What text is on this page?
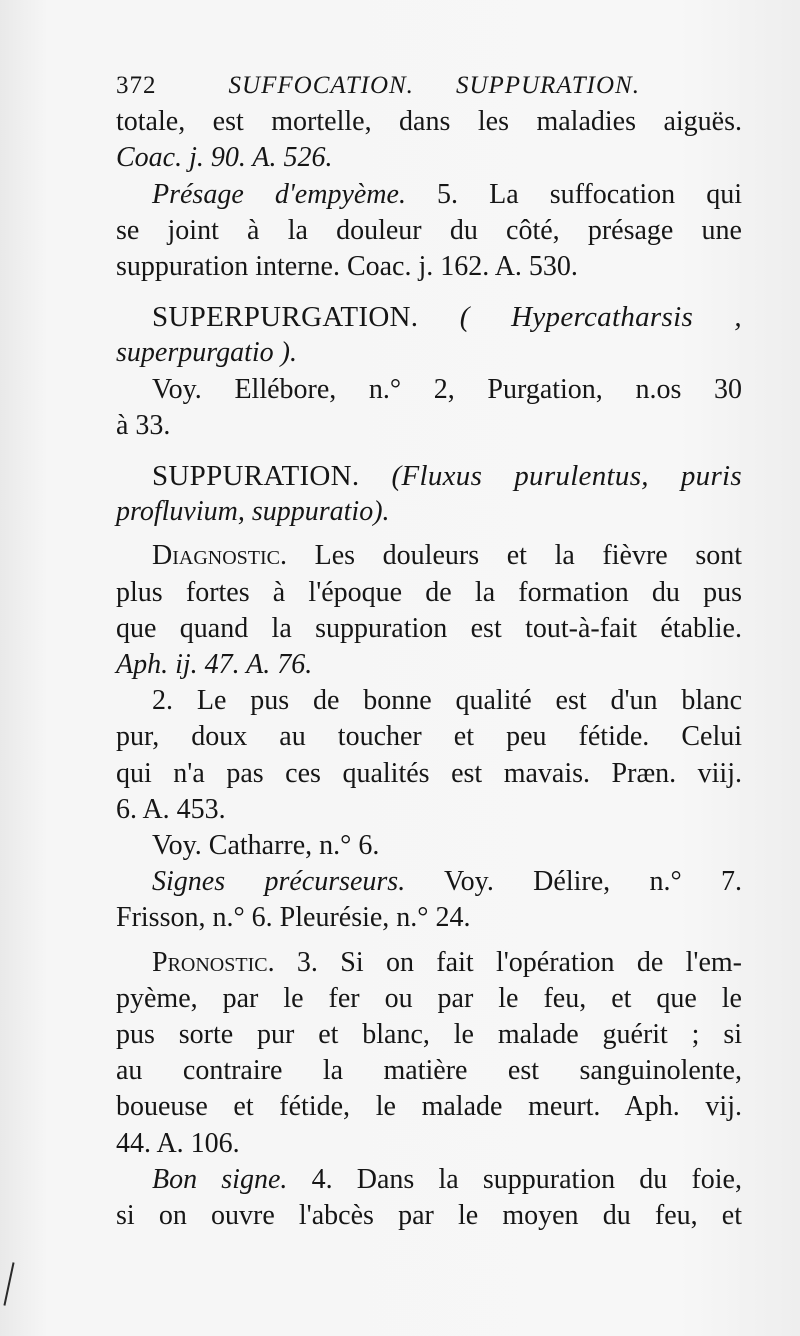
372	SUFFOCATION. SUPPURATION.
totale, est mortelle, dans les maladies aiguës.
Coac. j. 90. A. 526.
Présage d'empyème. 5. La suffocation qui
se joint à la douleur du côté, présage une
suppuration interne. Coac. j. 162. A. 530.
SUPERPURGATION. ( Hypercatharsis ,
superpurgatio ).
Voy. Ellébore, n.° 2, Purgation, n.os 30
à 33.
SUPPURATION. (Fluxus purulentus, puris
profluvium, suppuratio).
Diagnostic. Les douleurs et la fièvre sont
plus fortes à l'époque de la formation du pus
que quand la suppuration est tout-à-fait établie.
Aph. ij. 47. A. 76.
2. Le pus de bonne qualité est d'un blanc
pur, doux au toucher et peu fétide. Celui
qui n'a pas ces qualités est mavais. Præn. viij.
6. A. 453.
Voy. Catharre, n.° 6.
Signes précurseurs. Voy. Délire, n.° 7.
Frisson, n.° 6. Pleurésie, n.° 24.
Pronostic. 3. Si on fait l'opération de l'em-
pyème, par le fer ou par le feu, et que le
pus sorte pur et blanc, le malade guérit ; si
au contraire la matière est sanguinolente,
boueuse et fétide, le malade meurt. Aph. vij.
44. A. 106.
Bon signe. 4. Dans la suppuration du foie,
si on ouvre l'abcès par le moyen du feu, et
